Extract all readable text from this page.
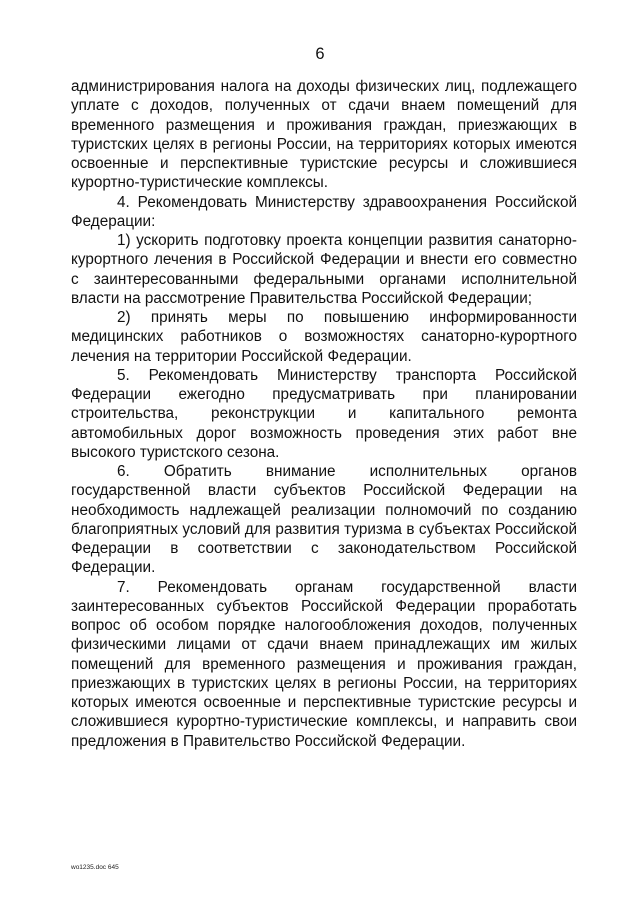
6

администрирования налога на доходы физических лиц, подлежащего уплате с доходов, полученных от сдачи внаем помещений для временного размещения и проживания граждан, приезжающих в туристских целях в регионы России, на территориях которых имеются освоенные и перспективные туристские ресурсы и сложившиеся курортно-туристические комплексы.

4. Рекомендовать Министерству здравоохранения Российской Федерации:

1) ускорить подготовку проекта концепции развития санаторно-курортного лечения в Российской Федерации и внести его совместно с заинтересованными федеральными органами исполнительной власти на рассмотрение Правительства Российской Федерации;

2) принять меры по повышению информированности медицинских работников о возможностях санаторно-курортного лечения на территории Российской Федерации.

5. Рекомендовать Министерству транспорта Российской Федерации ежегодно предусматривать при планировании строительства, реконструкции и капитального ремонта автомобильных дорог возможность проведения этих работ вне высокого туристского сезона.

6. Обратить внимание исполнительных органов государственной власти субъектов Российской Федерации на необходимость надлежащей реализации полномочий по созданию благоприятных условий для развития туризма в субъектах Российской Федерации в соответствии с законодательством Российской Федерации.

7. Рекомендовать органам государственной власти заинтересованных субъектов Российской Федерации проработать вопрос об особом порядке налогообложения доходов, полученных физическими лицами от сдачи внаем принадлежащих им жилых помещений для временного размещения и проживания граждан, приезжающих в туристских целях в регионы России, на территориях которых имеются освоенные и перспективные туристские ресурсы и сложившиеся курортно-туристические комплексы, и направить свои предложения в Правительство Российской Федерации.

wo1235.doc 645
